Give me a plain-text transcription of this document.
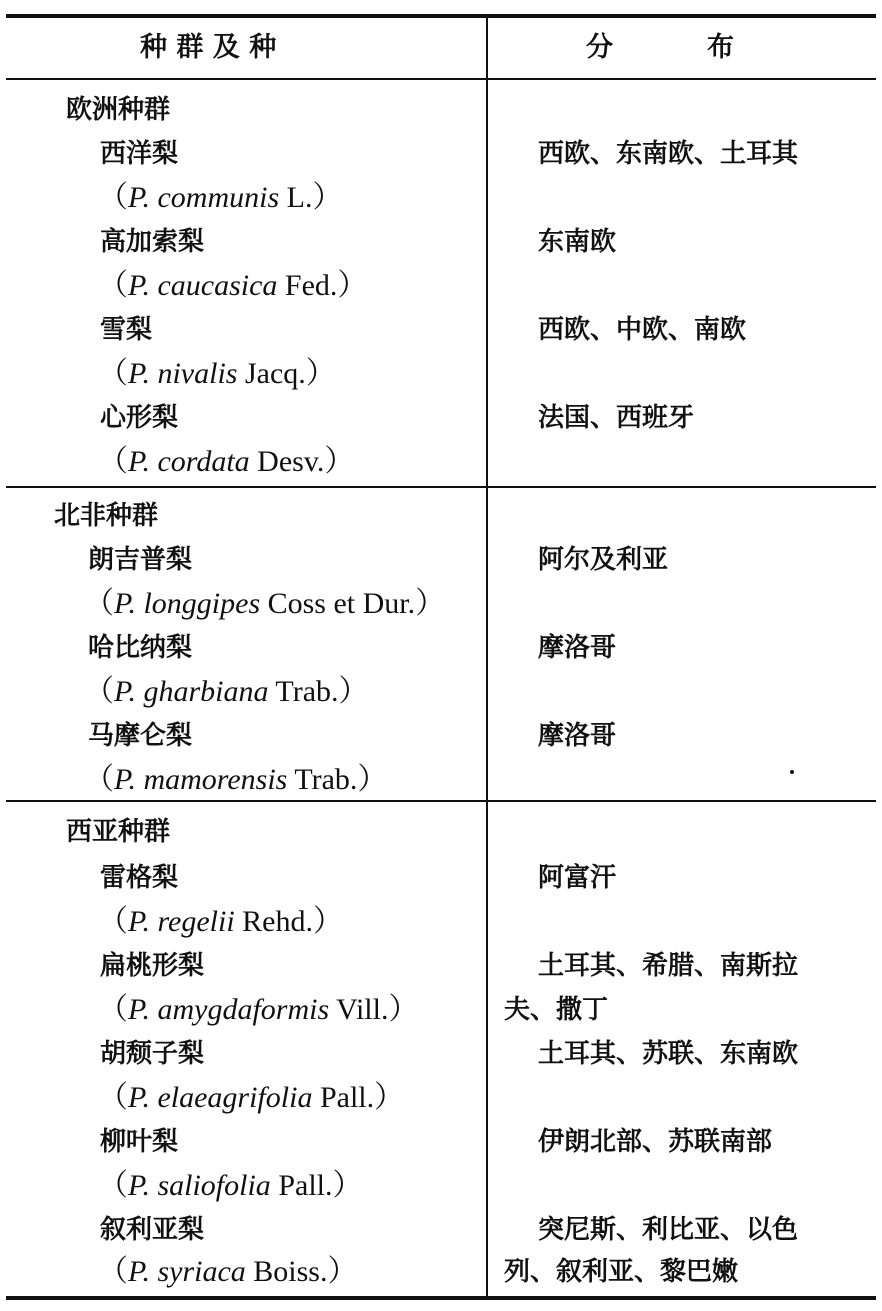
种 群 及 种	分          布
欧洲种群
西洋梨	西欧、东南欧、土耳其
（P. communis L.）
高加索梨	东南欧
（P. caucasica Fed.）
雪梨	西欧、中欧、南欧
（P. nivalis Jacq.）
心形梨	法国、西班牙
（P. cordata Desv.）
北非种群
朗吉普梨	阿尔及利亚
（P. longgipes Coss et Dur.）
哈比纳梨	摩洛哥
（P. gharbiana Trab.）
马摩仑梨	摩洛哥
（P. mamorensis Trab.）
西亚种群
雷格梨	阿富汗
（P. regelii Rehd.）
扁桃形梨	土耳其、希腊、南斯拉
（P. amygdaformis Vill.）	夫、撒丁
胡颓子梨	土耳其、苏联、东南欧
（P. elaeagrifolia Pall.）
柳叶梨	伊朗北部、苏联南部
（P. saliofolia Pall.）
叙利亚梨	突尼斯、利比亚、以色
（P. syriaca Boiss.）	列、叙利亚、黎巴嫩
